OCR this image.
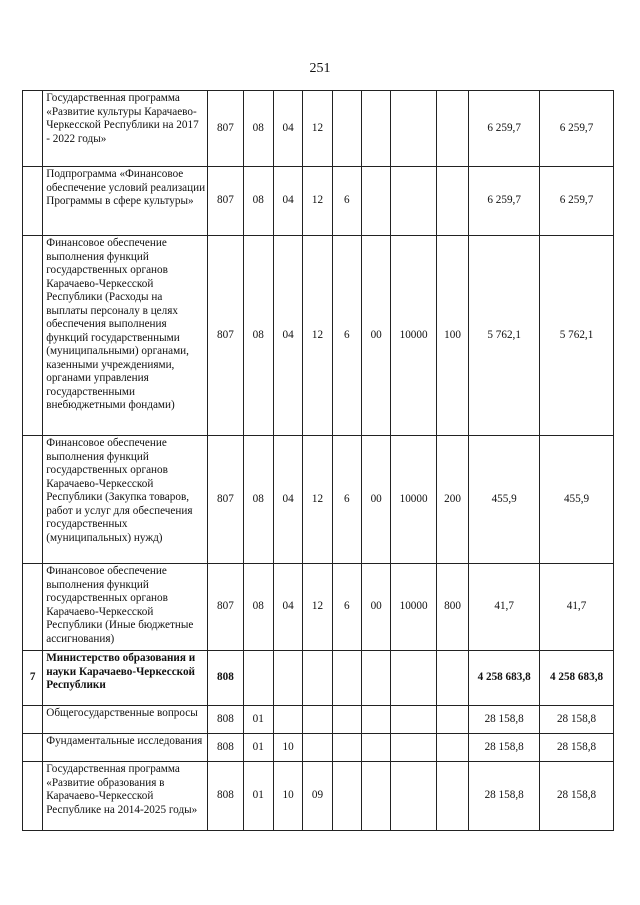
251
	Государственная программа «Развитие культуры Карачаево-Черкесской Республики на 2017 - 2022 годы»	807	08	04	12					6 259,7	6 259,7
	Подпрограмма «Финансовое обеспечение условий реализации Программы в сфере культуры»	807	08	04	12	6				6 259,7	6 259,7
	Финансовое обеспечение выполнения функций государственных органов Карачаево-Черкесской Республики (Расходы на выплаты персоналу в целях обеспечения выполнения функций государственными (муниципальными) органами, казенными учреждениями, органами управления государственными внебюджетными фондами)	807	08	04	12	6	00	10000	100	5 762,1	5 762,1
	Финансовое обеспечение выполнения функций государственных органов Карачаево-Черкесской Республики (Закупка товаров, работ и услуг для обеспечения государственных (муниципальных) нужд)	807	08	04	12	6	00	10000	200	455,9	455,9
	Финансовое обеспечение выполнения функций государственных органов Карачаево-Черкесской Республики (Иные бюджетные ассигнования)	807	08	04	12	6	00	10000	800	41,7	41,7
7	Министерство образования и науки Карачаево-Черкесской Республики	808								4 258 683,8	4 258 683,8
	Общегосударственные вопросы	808	01							28 158,8	28 158,8
	Фундаментальные исследования	808	01	10						28 158,8	28 158,8
	Государственная программа «Развитие образования в Карачаево-Черкесской Республике на 2014-2025 годы»	808	01	10	09					28 158,8	28 158,8
